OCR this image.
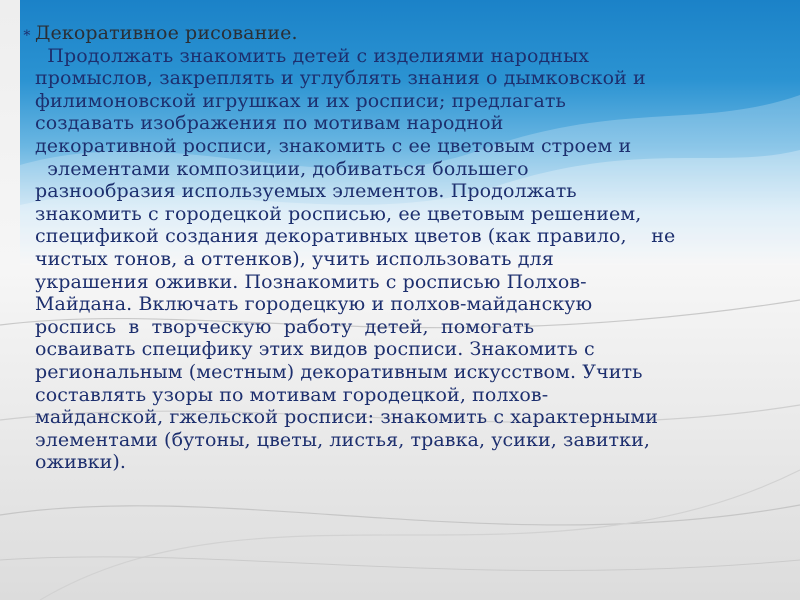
∗ Декоративное рисование.
Продолжать знакомить детей с изделиями народных
промыслов, закреплять и углублять знания о дымковской и
филимоновской игрушках и их росписи; предлагать
создавать изображения по мотивам народной
декоративной росписи, знакомить с ее цветовым строем и
элементами композиции, добиваться большего
разнообразия используемых элементов. Продолжать
знакомить с городецкой росписью, ее цветовым решением,
спецификой создания декоративных цветов (как правило,    не
чистых тонов, а оттенков), учить использовать для
украшения оживки. Познакомить с росписью Полхов-
Майдана. Включать городецкую и полхов-майданскую
роспись  в  творческую  работу  детей,  помогать
осваивать специфику этих видов росписи. Знакомить с
региональным (местным) декоративным искусством. Учить
составлять узоры по мотивам городецкой, полхов-
майданской, гжельской росписи: знакомить с характерными
элементами (бутоны, цветы, листья, травка, усики, завитки,
оживки).
